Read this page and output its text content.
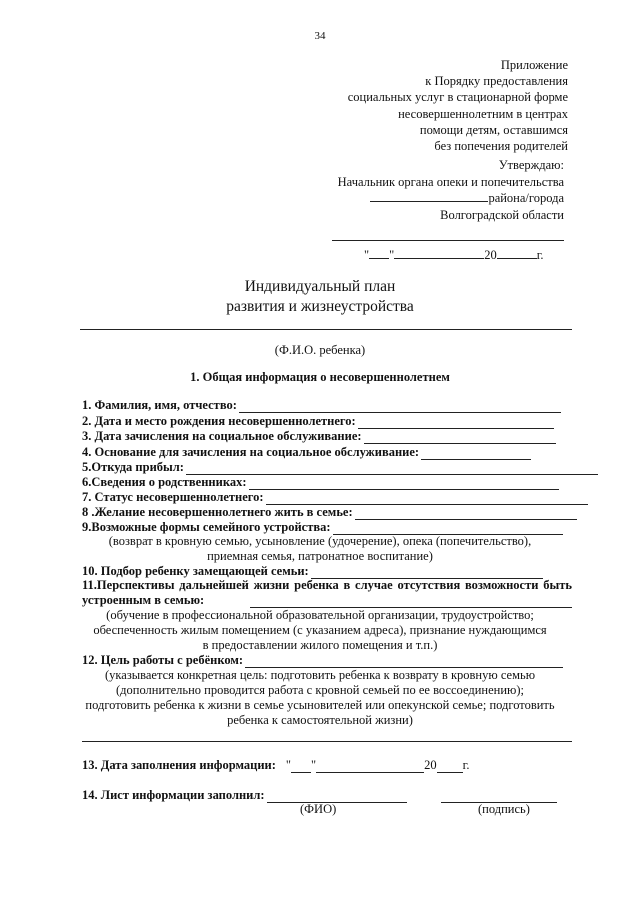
34
Приложение
к Порядку предоставления
социальных услуг в стационарной форме
несовершеннолетним в центрах
помощи детям, оставшимся
без попечения родителей
Утверждаю:
Начальник органа опеки и попечительства
района/города
Волгоградской области
" "	20	г.
Индивидуальный план
развития и жизнеустройства
(Ф.И.О. ребенка)
1. Общая информация о несовершеннолетнем
1. Фамилия, имя, отчество:
2. Дата и место рождения несовершеннолетнего:
3. Дата зачисления на социальное обслуживание:
4. Основание для зачисления на социальное обслуживание:
5.Откуда прибыл:
6.Сведения о родственниках:
7. Статус несовершеннолетнего:
8 .Желание несовершеннолетнего жить в семье:
9.Возможные формы семейного устройства:
(возврат в кровную семью, усыновление (удочерение), опека (попечительство),
приемная семья, патронатное воспитание)
10. Подбор ребенку замещающей семьи:
11.Перспективы дальнейшей жизни ребенка в случае отсутствия возможности быть устроенным в семью:
(обучение в профессиональной образовательной организации, трудоустройство;
обеспеченность жилым помещением (с указанием адреса), признание нуждающимся
в предоставлении жилого помещения и т.п.)
12. Цель работы с ребёнком:
(указывается конкретная цель: подготовить ребенка к возврату в кровную семью
(дополнительно проводится работа с кровной семьей по ее воссоединению);
подготовить ребенка к жизни в семье усыновителей или опекунской семье; подготовить
ребенка к самостоятельной жизни)
13. Дата заполнения информации: " "	20 г.
14. Лист информации заполнил:
(ФИО)	(подпись)
